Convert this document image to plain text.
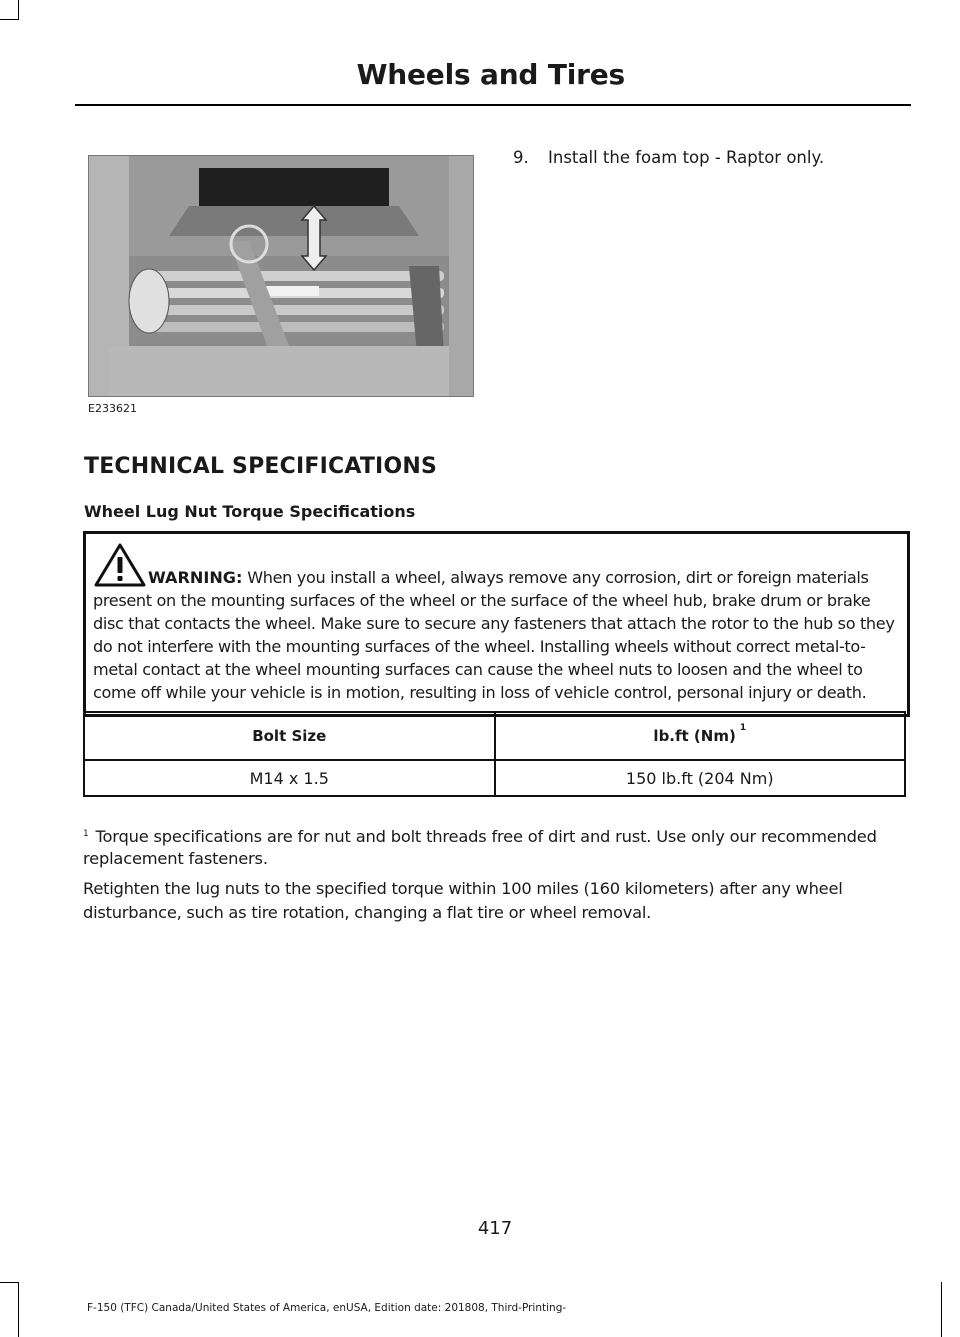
Wheels and Tires
E233621
9. Install the foam top - Raptor only.
TECHNICAL SPECIFICATIONS
Wheel Lug Nut Torque Specifications
WARNING: When you install a wheel, always remove any corrosion, dirt or foreign materials present on the mounting surfaces of the wheel or the surface of the wheel hub, brake drum or brake disc that contacts the wheel. Make sure to secure any fasteners that attach the rotor to the hub so they do not interfere with the mounting surfaces of the wheel. Installing wheels without correct metal-to-metal contact at the wheel mounting surfaces can cause the wheel nuts to loosen and the wheel to come off while your vehicle is in motion, resulting in loss of vehicle control, personal injury or death.
Bolt Size	lb.ft (Nm) $^1$
M14 x 1.5	150 lb.ft (204 Nm)
$^1$ Torque specifications are for nut and bolt threads free of dirt and rust. Use only our recommended replacement fasteners.
Retighten the lug nuts to the specified torque within 100 miles (160 kilometers) after any wheel disturbance, such as tire rotation, changing a flat tire or wheel removal.
417
F-150 (TFC) Canada/United States of America, enUSA, Edition date: 201808, Third-Printing-
